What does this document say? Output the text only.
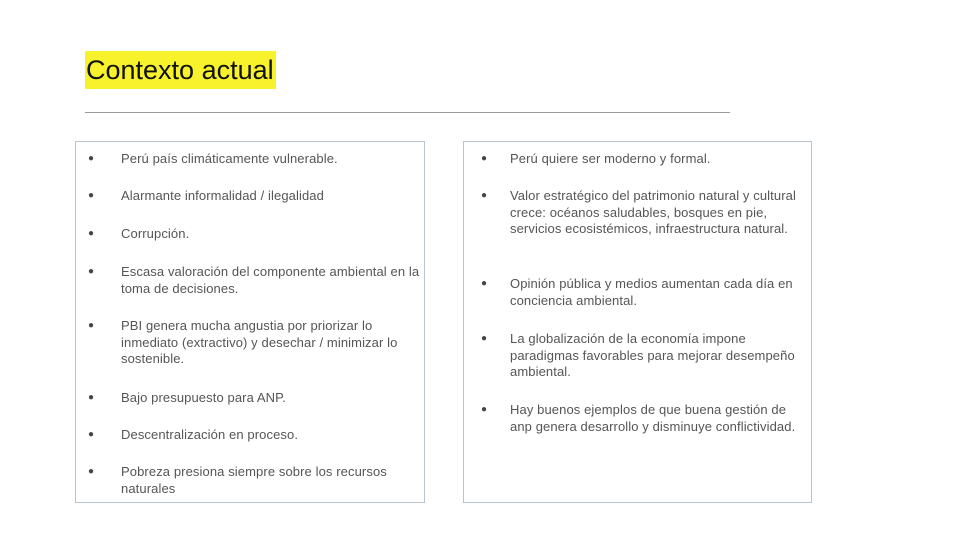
Contexto actual
● Perú país climáticamente vulnerable.
● Alarmante informalidad / ilegalidad
● Corrupción.
● Escasa valoración del componente ambiental en la toma de decisiones.
● PBI genera mucha angustia por priorizar lo inmediato (extractivo) y desechar / minimizar lo sostenible.
● Bajo presupuesto para ANP.
● Descentralización en proceso.
● Pobreza presiona siempre sobre los recursos naturales
● Perú quiere ser moderno y formal.
● Valor estratégico del patrimonio natural y cultural crece: océanos saludables, bosques en pie, servicios ecosistémicos, infraestructura natural.
● Opinión pública y medios aumentan cada día en conciencia ambiental.
● La globalización de la economía impone paradigmas favorables para mejorar desempeño ambiental.
● Hay buenos ejemplos de que buena gestión de anp genera desarrollo y disminuye conflictividad.
